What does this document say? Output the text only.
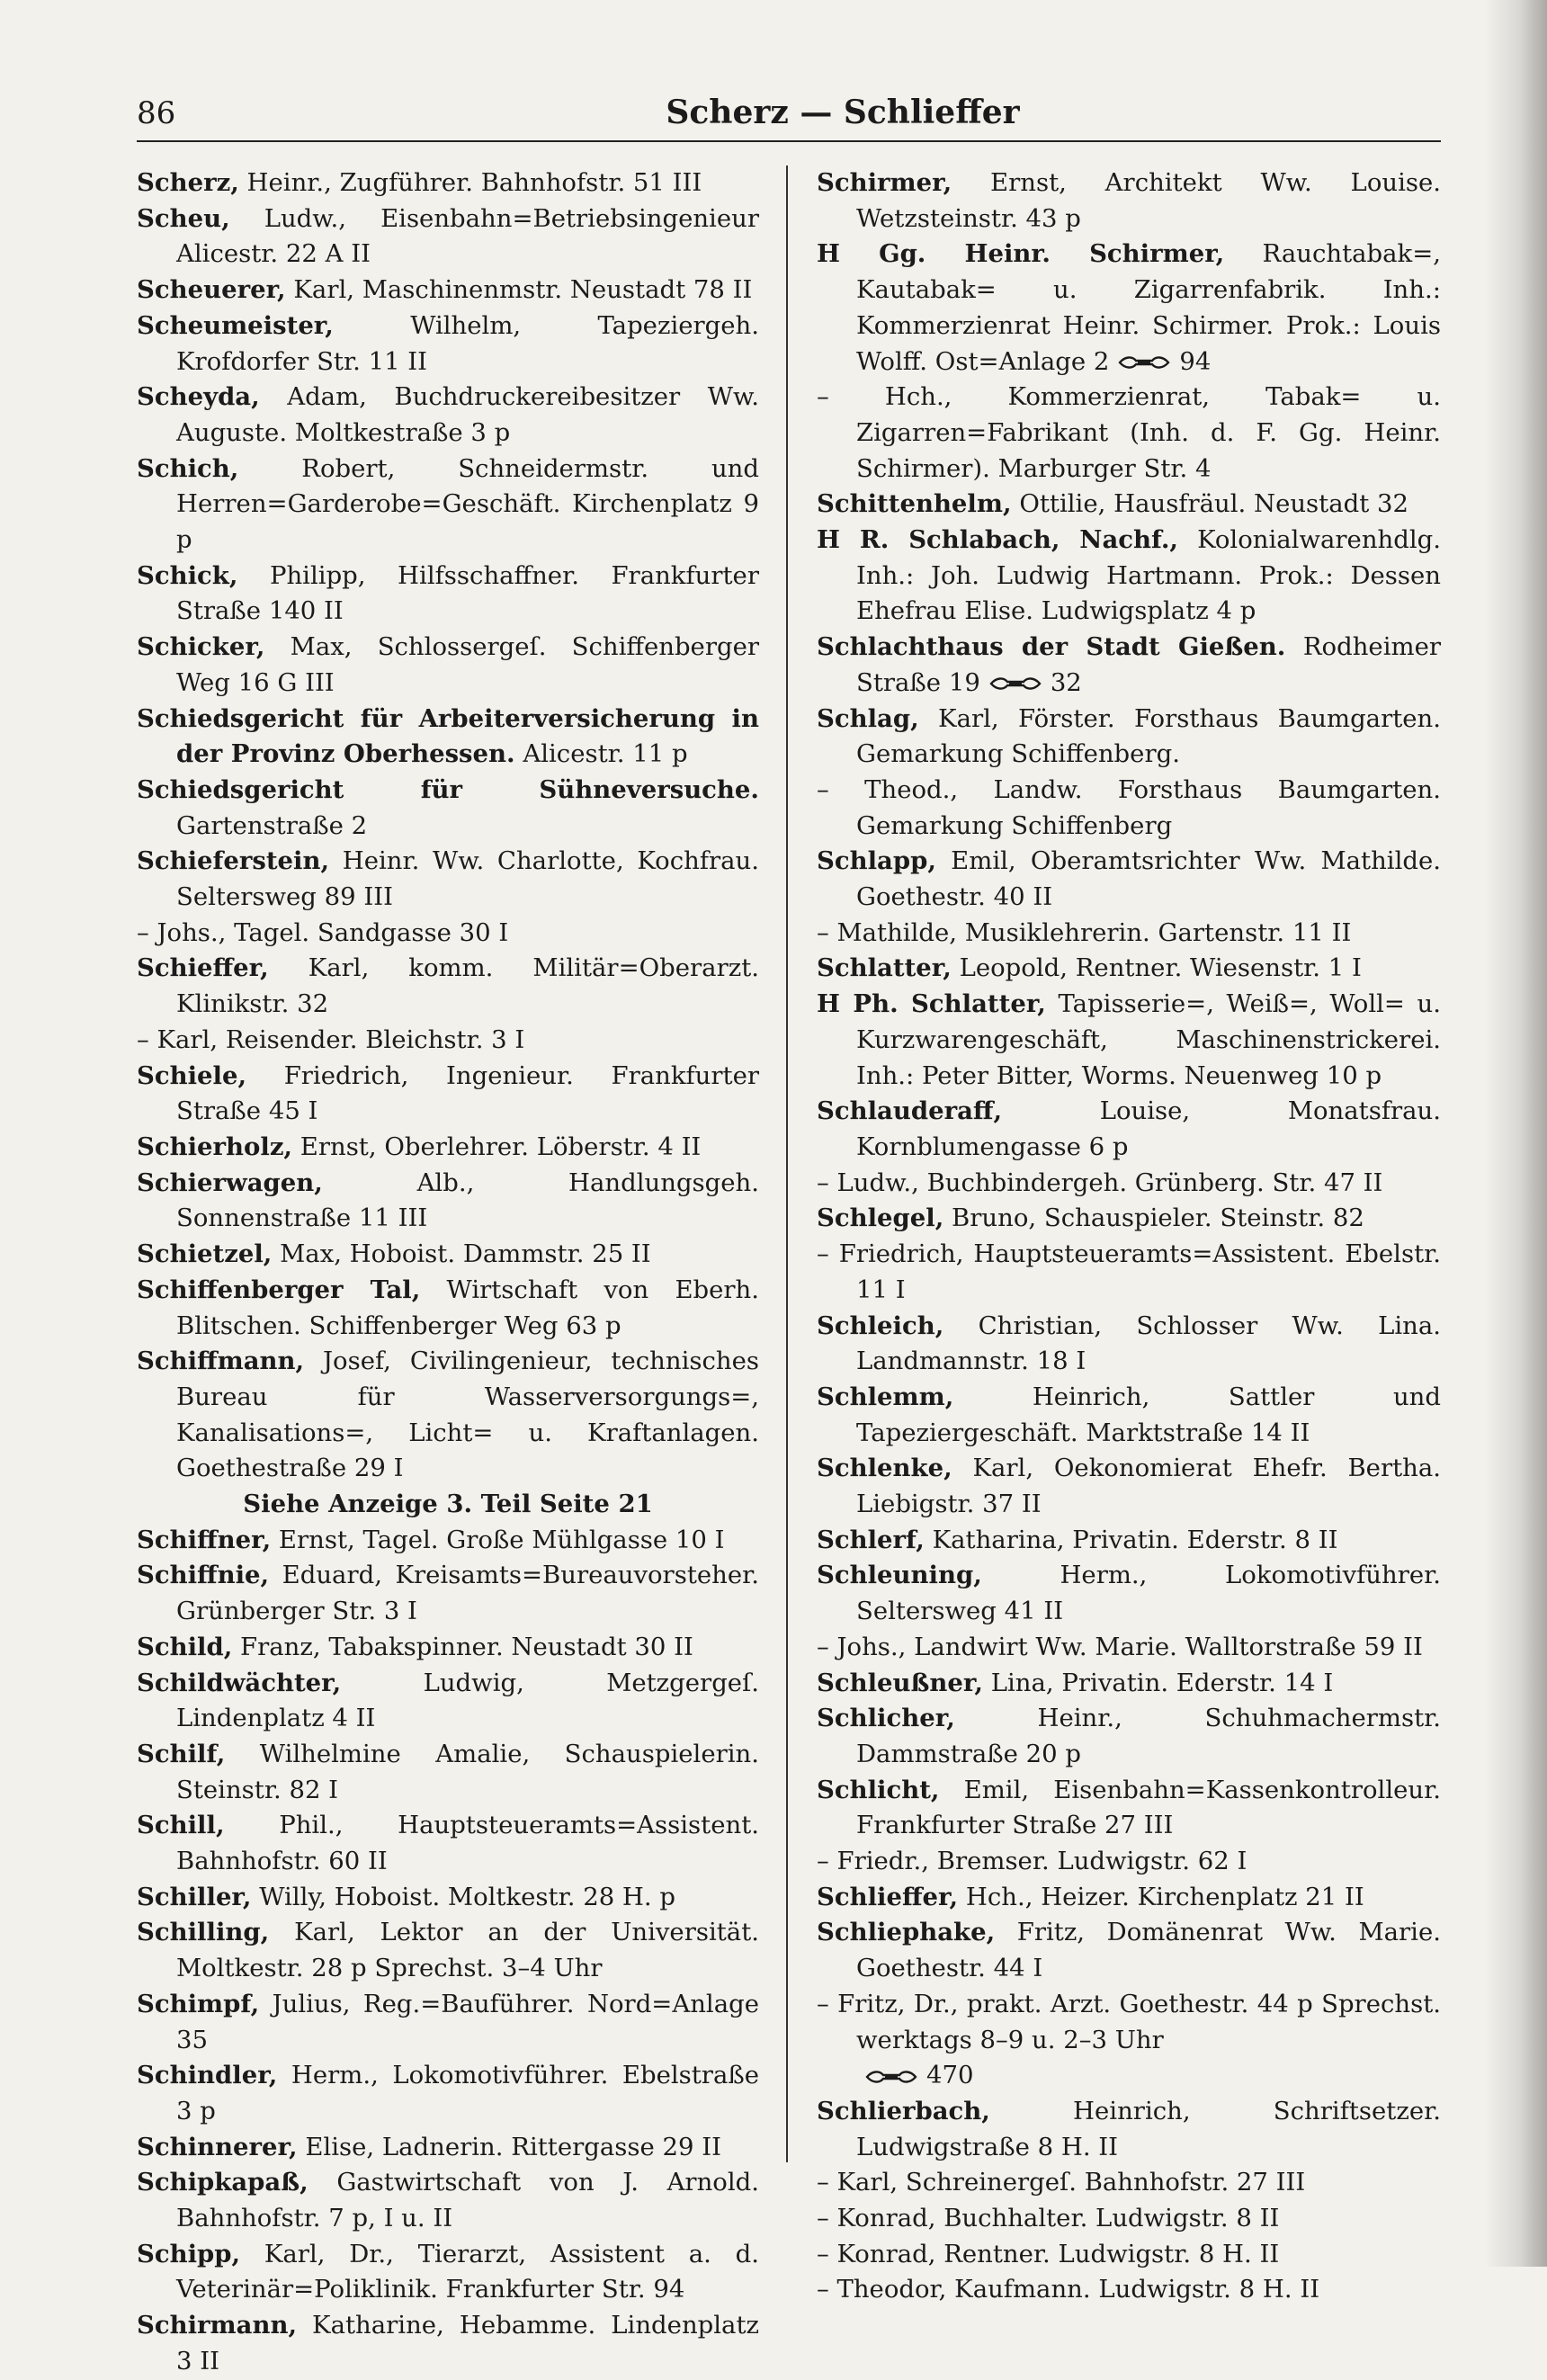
86	Scherz — Schlieffer
Scherz, Heinr., Zugführer. Bahnhofstr. 51 III
Scheu, Ludw., Eisenbahn=Betriebsingenieur Alicestr. 22 A II
Scheuerer, Karl, Maschinenmstr. Neustadt 78 II
Scheumeister,	Wilhelm, Tapeziergeh. Krofdorfer Str. 11 II
Scheyda, Adam, Buchdruckereibesitzer Ww. Auguste. Moltkestraße 3 p
Schich,	Robert, Schneidermstr. und Herren=Garderobe=Geschäft. Kirchenplatz 9 p
Schick, Philipp, Hilfsschaffner. Frankfurter Straße 140 II
Schicker, Max, Schlossergeſ. Schiffenberger Weg 16 G III
Schiedsgericht für Arbeiterversicherung in der Provinz Oberhessen. Alicestr. 11 p
Schiedsgericht für Sühneversuche. Gartenstraße 2
Schieferstein, Heinr. Ww. Charlotte, Kochfrau. Seltersweg 89 III
– Johs., Tagel. Sandgasse 30 I
Schieffer, Karl, komm. Militär=Oberarzt. Klinikstr. 32
– Karl, Reisender. Bleichstr. 3 I
Schiele, Friedrich, Ingenieur. Frankfurter Straße 45 I
Schierholz, Ernst, Oberlehrer. Löberstr. 4 II
Schierwagen,	Alb., Handlungsgeh. Sonnenstraße 11 III
Schietzel, Max, Hoboist. Dammstr. 25 II
Schiffenberger Tal, Wirtschaft von Eberh. Blitschen. Schiffenberger Weg 63 p
Schiffmann, Josef, Civilingenieur, technisches Bureau für Wasserversorgungs=, Kanalisations=, Licht= u. Kraftanlagen. Goethestraße 29 I
Siehe Anzeige 3. Teil Seite 21
Schiffner, Ernst, Tagel. Große Mühlgasse 10 I
Schiffnie, Eduard, Kreisamts=Bureauvorsteher. Grünberger Str. 3 I
Schild, Franz, Tabakspinner. Neustadt 30 II
Schildwächter,	Ludwig, Metzgergeſ. Lindenplatz 4 II
Schilf, Wilhelmine Amalie, Schauspielerin. Steinstr. 82 I
Schill, Phil., Hauptsteueramts=Assistent. Bahnhofstr. 60 II
Schiller, Willy, Hoboist. Moltkestr. 28 H. p
Schilling, Karl, Lektor an der Universität. Moltkestr. 28 p Sprechst. 3–4 Uhr
Schimpf, Julius, Reg.=Bauführer. Nord=Anlage 35
Schindler, Herm., Lokomotivführer. Ebelstraße 3 p
Schinnerer, Elise, Ladnerin. Rittergasse 29 II
Schipkapaß, Gastwirtschaft von J. Arnold. Bahnhofstr. 7 p, I u. II
Schipp, Karl, Dr., Tierarzt, Assistent a. d. Veterinär=Poliklinik. Frankfurter Str. 94
Schirmann, Katharine, Hebamme. Lindenplatz 3 II
Schirmer, Ernst, Architekt Ww. Louise. Wetzsteinstr. 43 p
H Gg. Heinr. Schirmer, Rauchtabak=, Kautabak= u. Zigarrenfabrik. Inh.: Kommerzienrat Heinr. Schirmer. Prok.: Louis Wolff. Ost=Anlage 2	94
– Hch., Kommerzienrat, Tabak= u. Zigarren=Fabrikant (Inh. d. F. Gg. Heinr. Schirmer). Marburger Str. 4
Schittenhelm, Ottilie, Hausfräul. Neustadt 32
H R. Schlabach, Nachf., Kolonialwarenhdlg. Inh.: Joh. Ludwig Hartmann. Prok.: Dessen Ehefrau Elise. Ludwigsplatz 4 p
Schlachthaus der Stadt Gießen. Rodheimer Straße 19	32
Schlag, Karl, Förster. Forsthaus Baumgarten. Gemarkung Schiffenberg.
– Theod., Landw. Forsthaus Baumgarten. Gemarkung Schiffenberg
Schlapp, Emil, Oberamtsrichter Ww. Mathilde. Goethestr. 40 II
– Mathilde, Musiklehrerin. Gartenstr. 11 II
Schlatter, Leopold, Rentner. Wiesenstr. 1 I
H Ph. Schlatter, Tapisserie=, Weiß=, Woll= u. Kurzwarengeschäft, Maschinenstrickerei. Inh.: Peter Bitter, Worms. Neuenweg 10 p
Schlauderaff,	Louise, Monatsfrau. Kornblumengasse 6 p
– Ludw., Buchbindergeh. Grünberg. Str. 47 II
Schlegel, Bruno, Schauspieler. Steinstr. 82
– Friedrich, Hauptsteueramts=Assistent. Ebelstr. 11 I
Schleich, Christian, Schlosser Ww. Lina. Landmannstr. 18 I
Schlemm,	Heinrich, Sattler und Tapeziergeschäft. Marktstraße 14 II
Schlenke, Karl, Oekonomierat Ehefr. Bertha. Liebigstr. 37 II
Schlerf, Katharina, Privatin. Ederstr. 8 II
Schleuning,	Herm., Lokomotivführer. Seltersweg 41 II
– Johs., Landwirt Ww. Marie. Walltorstraße 59 II
Schleußner, Lina, Privatin. Ederstr. 14 I
Schlicher,	Heinr., Schuhmachermstr. Dammstraße 20 p
Schlicht, Emil, Eisenbahn=Kassenkontrolleur. Frankfurter Straße 27 III
– Friedr., Bremser. Ludwigstr. 62 I
Schlieffer, Hch., Heizer. Kirchenplatz 21 II
Schliephake, Fritz, Domänenrat Ww. Marie. Goethestr. 44 I
– Fritz, Dr., prakt. Arzt. Goethestr. 44 p Sprechst. werktags 8–9 u. 2–3 Uhr
470
Schlierbach,	Heinrich, Schriftsetzer. Ludwigstraße 8 H. II
– Karl, Schreinergeſ. Bahnhofstr. 27 III
– Konrad, Buchhalter. Ludwigstr. 8 II
– Konrad, Rentner. Ludwigstr. 8 H. II
– Theodor, Kaufmann. Ludwigstr. 8 H. II
